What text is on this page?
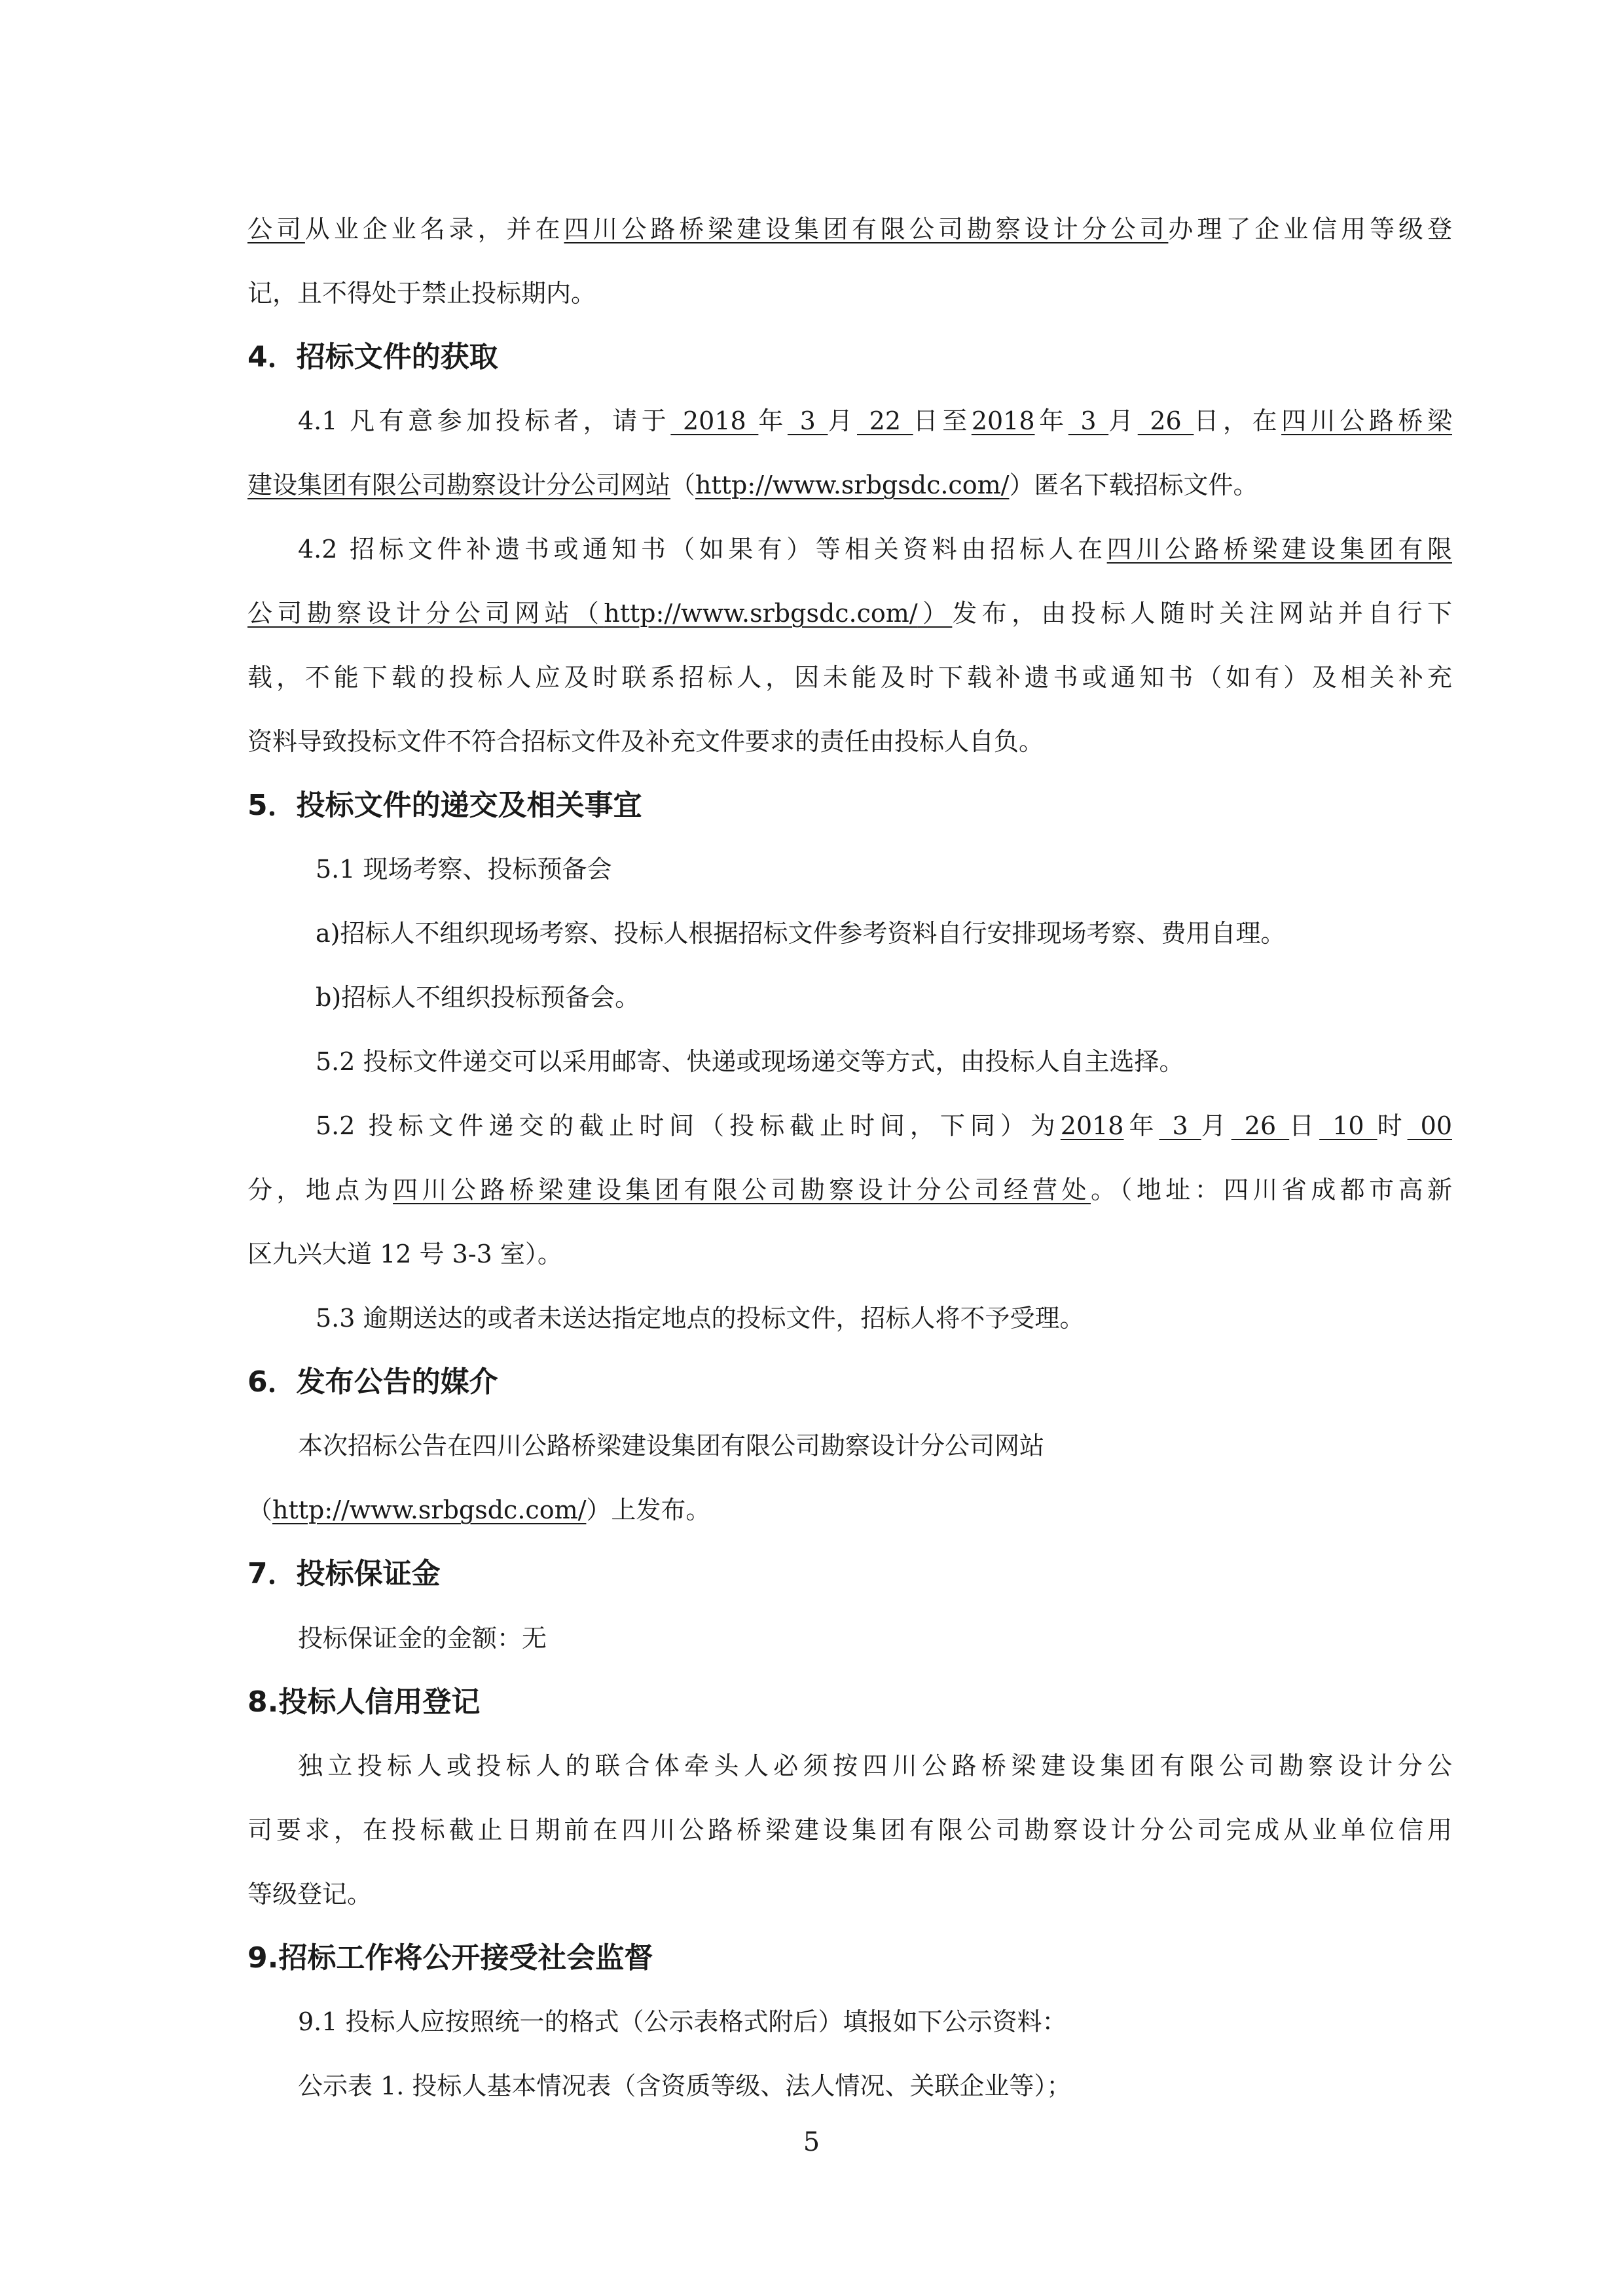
公司从业企业名录，并在四川公路桥梁建设集团有限公司勘察设计分公司办理了企业信用等级登
记，且不得处于禁止投标期内。
4．招标文件的获取
4.1 凡有意参加投标者，请于 2018 年 3 月 22 日至2018年 3 月 26 日，在四川公路桥梁
建设集团有限公司勘察设计分公司网站（http://www.srbgsdc.com/）匿名下载招标文件。
4.2 招标文件补遗书或通知书（如果有）等相关资料由招标人在四川公路桥梁建设集团有限
公司勘察设计分公司网站（http://www.srbgsdc.com/）发布，由投标人随时关注网站并自行下
载，不能下载的投标人应及时联系招标人，因未能及时下载补遗书或通知书（如有）及相关补充
资料导致投标文件不符合招标文件及补充文件要求的责任由投标人自负。
5．投标文件的递交及相关事宜
5.1 现场考察、投标预备会
a)招标人不组织现场考察、投标人根据招标文件参考资料自行安排现场考察、费用自理。
b)招标人不组织投标预备会。
5.2 投标文件递交可以采用邮寄、快递或现场递交等方式，由投标人自主选择。
5.2 投标文件递交的截止时间（投标截止时间，下同）为2018年 3 月 26 日 10 时 00
分，地点为四川公路桥梁建设集团有限公司勘察设计分公司经营处。（地址：四川省成都市高新
区九兴大道 12 号 3-3 室）。
5.3 逾期送达的或者未送达指定地点的投标文件，招标人将不予受理。
6．发布公告的媒介
本次招标公告在四川公路桥梁建设集团有限公司勘察设计分公司网站
（http://www.srbgsdc.com/）上发布。
7．投标保证金
投标保证金的金额：无
8.投标人信用登记
独立投标人或投标人的联合体牵头人必须按四川公路桥梁建设集团有限公司勘察设计分公
司要求，在投标截止日期前在四川公路桥梁建设集团有限公司勘察设计分公司完成从业单位信用
等级登记。
9.招标工作将公开接受社会监督
9.1 投标人应按照统一的格式（公示表格式附后）填报如下公示资料：
公示表 1. 投标人基本情况表（含资质等级、法人情况、关联企业等）；
5
